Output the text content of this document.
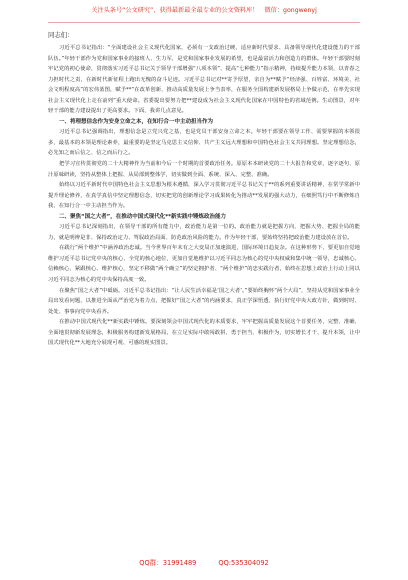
关注头条号“公文研究”，获得最新最全最专业的公文资料库！ 微信：gongwenyj

同志们：

习近平总书记指出：“全面建设社会主义现代化国家，必须有一支政治过硬、适应新时代要求、具备领导现代化建设能力的干部队伍。”年轻干部作为党和国家事业的接班人、生力军，是党和国家事业发展的希望，也是最富活力和创造力的群体。年轻干部要时刻牢记党的初心使命，贯彻落实习近平总书记关于领导干部增强“八项本领”、提高“七种能力”指示精神，持续提升能力本领，以青春之力担时代之责，在新时代新征程上跑出无愧的奋斗足迹。习近平总书记对**寄予厚望，亲自为**赋予“经济强、百姓富、环境美、社会文明程度高”的宏伟蓝图，赋予**“在改革创新、推动高质量发展上争当表率，在服务全国构建新发展格局上争做示范，在率先实现社会主义现代化上走在前列”重大使命。省委提出要努力把**建设成为社会主义现代化国家在中国特色的省域范例。生动图景，对年轻干部的能力建设提出了更高要求。下面，我讲几点意见。

一、将理想信念作为安身立命之本，在知行合一中主动担当作为

习近平总书记强调指出，理想信念是立党兴党之基，也是党员干部安身立命之本。年轻干部要在领导工作、需要掌握的本领很多，最基本的本领是理论素养，最重要的是坚定马克思主义信仰、共产主义远大理想和中国特色社会主义共同理想。坚定理想信念，必先知之而后信之、信之而后行之。

把学习宣传贯彻党的二十大精神作为当前和今后一个时期的首要政治任务。原原本本研读党的二十大报告和党章，逐字逐句、原汁原味研读，坚持从整体上把握、从局部到整体学，切实做到全面、系统、深入、完整、准确。

始终以习近平新时代中国特色社会主义思想为根本遵循，深入学习贯彻习近平总书记关于**的系列重要讲话精神，在常学常新中提升理论修养，在真学真信中坚定理想信念，切实把党的创新理论学习成果转化为推动**发展的强大动力，在细照笃行中不断修炼自我，在知行合一中主动担当作为。

二、聚焦“国之大者”，在推动中国式现代化**新实践中锤炼政治能力

习近平总书记深刻指出，在领导干部的所有能力中，政治能力是第一位的。政治能力就是把握方向、把握大势、把握全局的能力，就是明辨是非、保持政治定力、驾驭政治局面、防范政治风险的能力。作为年轻干部，要始终坚持把政治能力建设放在首位。

在践行“两个维护”中涵养政治忠诚。当今世界百年未有之大变局正加速演进，国际环境日趋复杂。在这种形势下，要更加自觉地维护习近平总书记党中央的核心、全党的核心地位，更加自觉地维护以习近平同志为核心的党中央权威和集中统一领导，忠诚核心、信赖核心、紧跟核心、维护核心，坚定不移做“两个确立”的坚定拥护者、“两个维护”的忠实践行者，始终在思想上政治上行动上同以习近平同志为核心的党中央保持高度一致。

在聚焦“国之大者”中砥砺。习近平总书记指出：“让人民生活幸福是‘国之大者’。”要始终胸怀“两个大局”，坚持从党和国家事业全局出发看问题，以推进全面从严治党为着力点，把握好“国之大者”的内涵要求，真正学深悟透、执行好党中央大政方针，做到时时、处处、事事向党中央看齐。

在推动中国式现代化**新实践中锤炼。要深刻领会中国式现代化的本质要求，牢牢把握高质量发展这个首要任务，完整、准确、全面地贯彻新发展理念，积极服务构建新发展格局，在立足实际中敢闯敢拼、勇于担当、积极作为，切实增长才干、提升本领，让中国式现代化**大地充分展现可观、可感的现实图景。

QQ群：31991489	QQ:535304092
